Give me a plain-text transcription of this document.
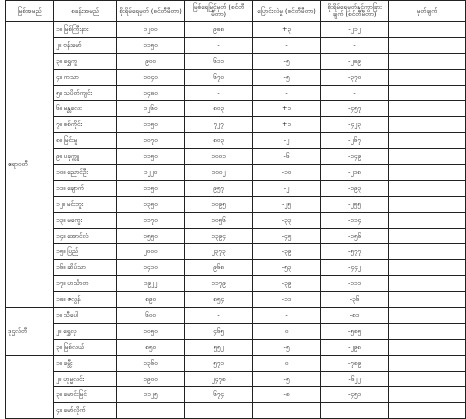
မြစ်အမည်	စခန်းအမည်	စိုးရိမ်ရေမှတ် (စင်တီမီတာ)	မြစ်ရေမြင့်မှတ် (စင်တီမီတာ)	ပြောင်းလဲမှု (စင်တီမီတာ)	စိုးရိမ်ရေမှတ်နှင့်ကွာခြားချက် (စင်တီမီတာ)	မှတ်ချက်
ဧရာဝတီ	၁။ မြစ်ကြီးနား	၁၂၀၀	၉၈၈	+၃	-၂၁၂	
	၂။ ဗန်းမော်	၁၁၅၀	-	-	-	
	၃။ ရွှေကူ	၉၀၀	၆၁၁	-၅	-၂၈၉	
	၄။ ကသာ	၁၀၄၀	၆၇၀	-၅	-၃၇၀	
	၅။ သပိတ်ကျင်း	၁၄၈၀	-	-	-	
	၆။ မန္တလေး	၁၂၆၀	၈၀၃	+၁	-၄၅၇	
	၇။ စစ်ကိုင်း	၁၁၅၀	၇၂၇	+၁	-၄၂၃	
	၈။ မြင်းမူ	၁၀၇၀	၈၀၃	-၂	-၂၆၇	
	၉။ ပခုက္ကူ	၁၁၅၀	၁၀၀၁	-၆	-၁၄၉	
	၁၀။ ညောင်ဦး	၁၂၂၀	၁၀၀၂	-၁၀	-၂၁၈	
	၁၁။ ချောက်	၁၁၅၀	၉၅၇	-၂	-၁၉၃	
	၁၂။ မင်းဘူး	၁၃၅၀	၁၀၉၅	-၂၅	-၂၅၅	
	၁၃။ မကွေး	၁၁၇၀	၁၀၅၆	-၃၃	-၁၁၄	
	၁၄။ အောင်လံ	၁၅၅၀	၁၃၉၄	-၄၅	-၁၅၆	
	၁၅။ ပြည်	၂၀၀၀	၂၃၇၃	-၃၉	-၅၇၇	
	၁၆။ ဆိပ်သာ	၁၄၁၀	၉၆၈	-၅၃	-၄၄၂	
	၁၇။ ဟင်္သာတ	၁၉၂၂	၁၁၇၉	-၃၉	-၁၁၁	
	၁၈။ ဇလွန်	၈၉၀	၈၅၄	-၁၁	-၃၆	
ဒုဌလ်တီ	၁။ သီပေါ	၆၀၀	-	-	-၈၁	
	၂။ ရွှေလှ	၁၀၅၀	၄၆၅	၀	-၅၈၅	
	၃။ မြစ်လယ်	၈၅၀	၅၅၂	-၅	-၂၉၈	
	၁။ ခမ္ဘီး	၁၃၆၀	၅၇၁	၀	-၇၈၉	
	၂။ ဟုမ္မလင်း	၁၉၀၀	၂၄၇၈	-၅	-၆၂၂	
	၃။ မောင်းမြင်	၁၁၂၅	၆၇၄	-၈	-၄၅၁	
	၄။ မော်လိုက်					
